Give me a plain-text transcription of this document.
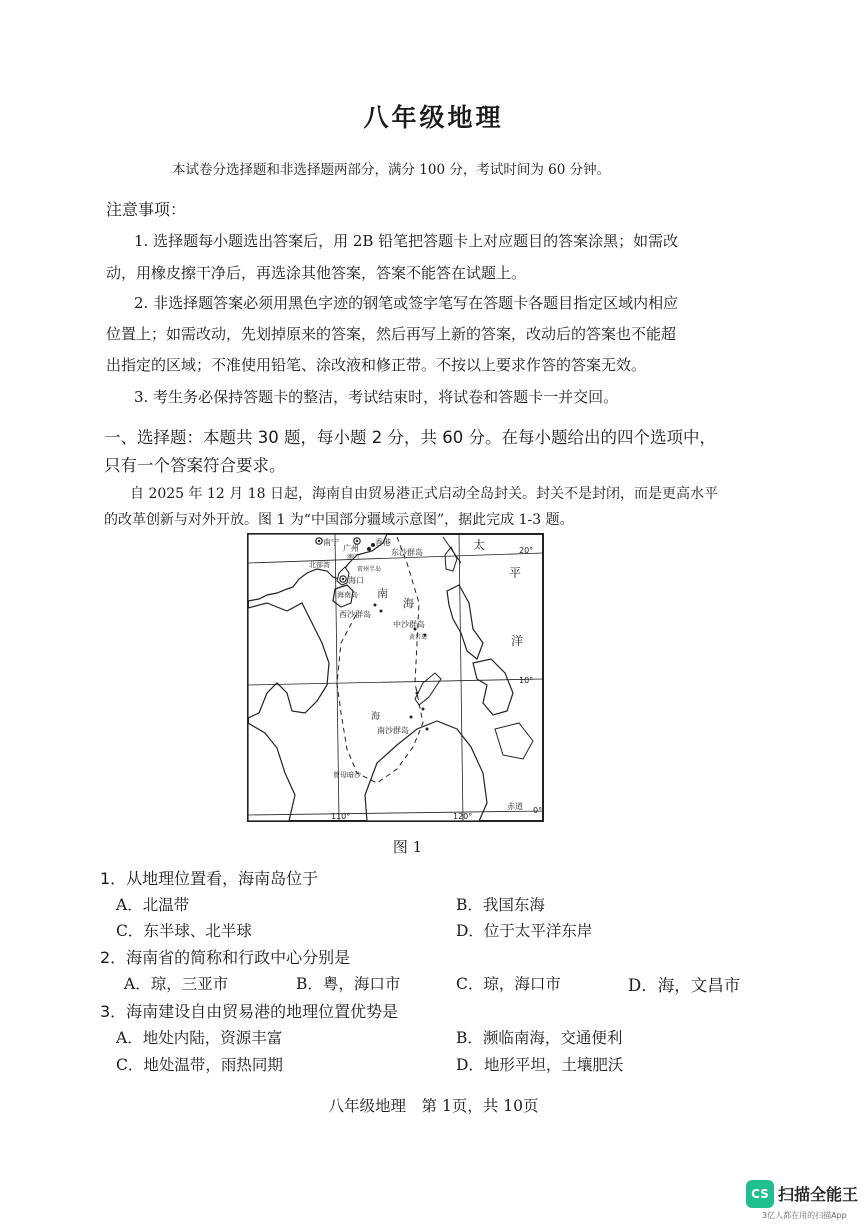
八年级地理
本试卷分选择题和非选择题两部分，满分 100 分，考试时间为 60 分钟。
注意事项：
1. 选择题每小题选出答案后，用 2B 铅笔把答题卡上对应题目的答案涂黑；如需改
动，用橡皮擦干净后，再选涂其他答案，答案不能答在试题上。
2. 非选择题答案必须用黑色字迹的钢笔或签字笔写在答题卡各题目指定区域内相应
位置上；如需改动，先划掉原来的答案，然后再写上新的答案，改动后的答案也不能超
出指定的区域；不准使用铅笔、涂改液和修正带。不按以上要求作答的答案无效。
3. 考生务必保持答题卡的整洁，考试结束时，将试卷和答题卡一并交回。
一、选择题：本题共 30 题，每小题 2 分，共 60 分。在每小题给出的四个选项中，
只有一个答案符合要求。
自 2025 年 12 月 18 日起，海南自由贸易港正式启动全岛封关。封关不是封闭，而是更高水平
的改革创新与对外开放。图 1 为“中国部分疆域示意图”，据此完成 1-3 题。
南宁
广州
香港
澳门
东沙群岛
北部湾
海口
雷州半岛
海南岛
西沙群岛
中沙群岛
黄岩岛
南
海
海
南沙群岛
曾母暗沙
太
平
洋
20°
10°
0°
110°	120°
赤道
图 1
1．从地理位置看，海南岛位于
A．北温带	B．我国东海
C．东半球、北半球	D．位于太平洋东岸
2．海南省的简称和行政中心分别是
A．琼，三亚市	B．粤，海口市	C．琼，海口市	D．海，文昌市
3．海南建设自由贸易港的地理位置优势是
A．地处内陆，资源丰富	B．濒临南海，交通便利
C．地处温带，雨热同期	D．地形平坦，土壤肥沃
八年级地理　第 1页，共 10页
CS 扫描全能王
3亿人都在用的扫描App
